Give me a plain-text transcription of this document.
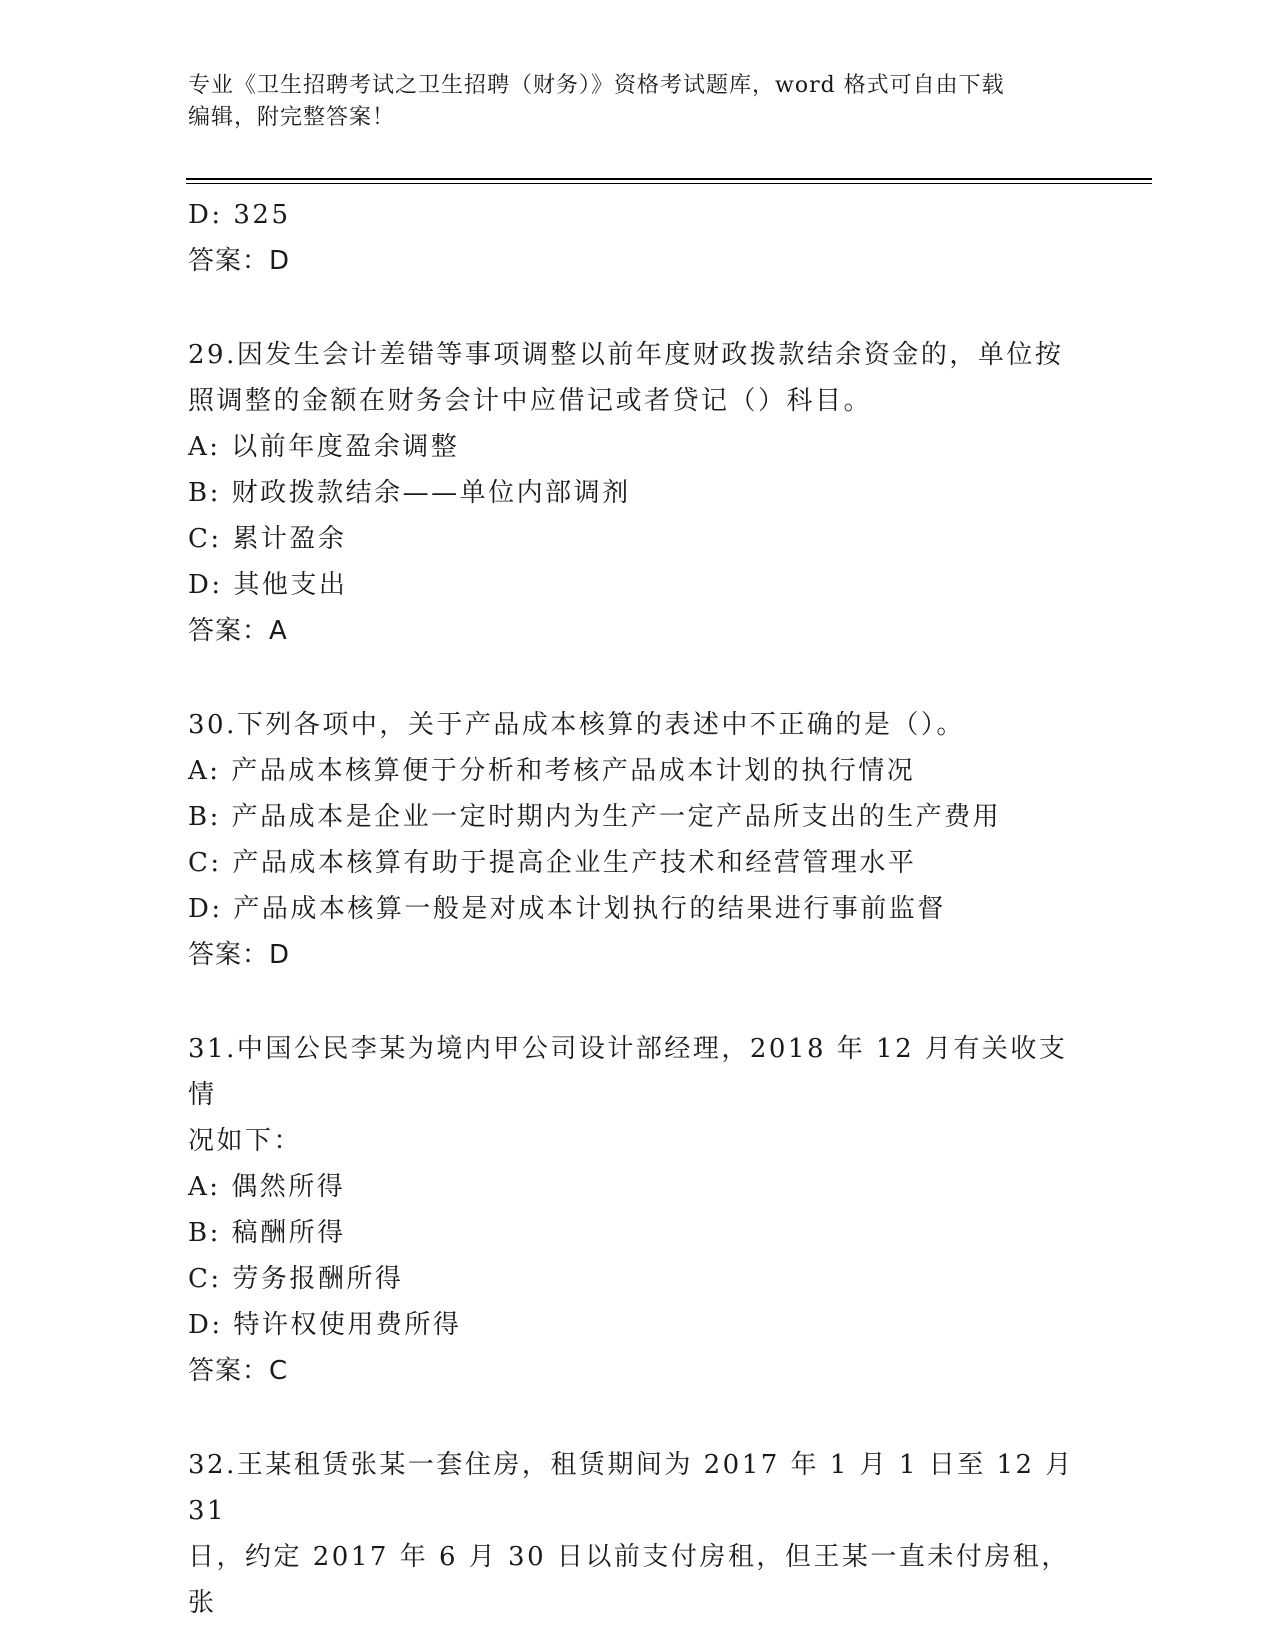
专业《卫生招聘考试之卫生招聘（财务）》资格考试题库，word 格式可自由下载
编辑，附完整答案！
D: 325
答案：D
29.因发生会计差错等事项调整以前年度财政拨款结余资金的，单位按
照调整的金额在财务会计中应借记或者贷记（）科目。
A: 以前年度盈余调整
B: 财政拨款结余——单位内部调剂
C: 累计盈余
D: 其他支出
答案：A
30.下列各项中，关于产品成本核算的表述中不正确的是（）。
A: 产品成本核算便于分析和考核产品成本计划的执行情况
B: 产品成本是企业一定时期内为生产一定产品所支出的生产费用
C: 产品成本核算有助于提高企业生产技术和经营管理水平
D: 产品成本核算一般是对成本计划执行的结果进行事前监督
答案：D
31.中国公民李某为境内甲公司设计部经理，2018 年 12 月有关收支情
况如下：
A: 偶然所得
B: 稿酬所得
C: 劳务报酬所得
D: 特许权使用费所得
答案：C
32.王某租赁张某一套住房，租赁期间为 2017 年 1 月 1 日至 12 月 31
日，约定 2017 年 6 月 30 日以前支付房租，但王某一直未付房租，张
